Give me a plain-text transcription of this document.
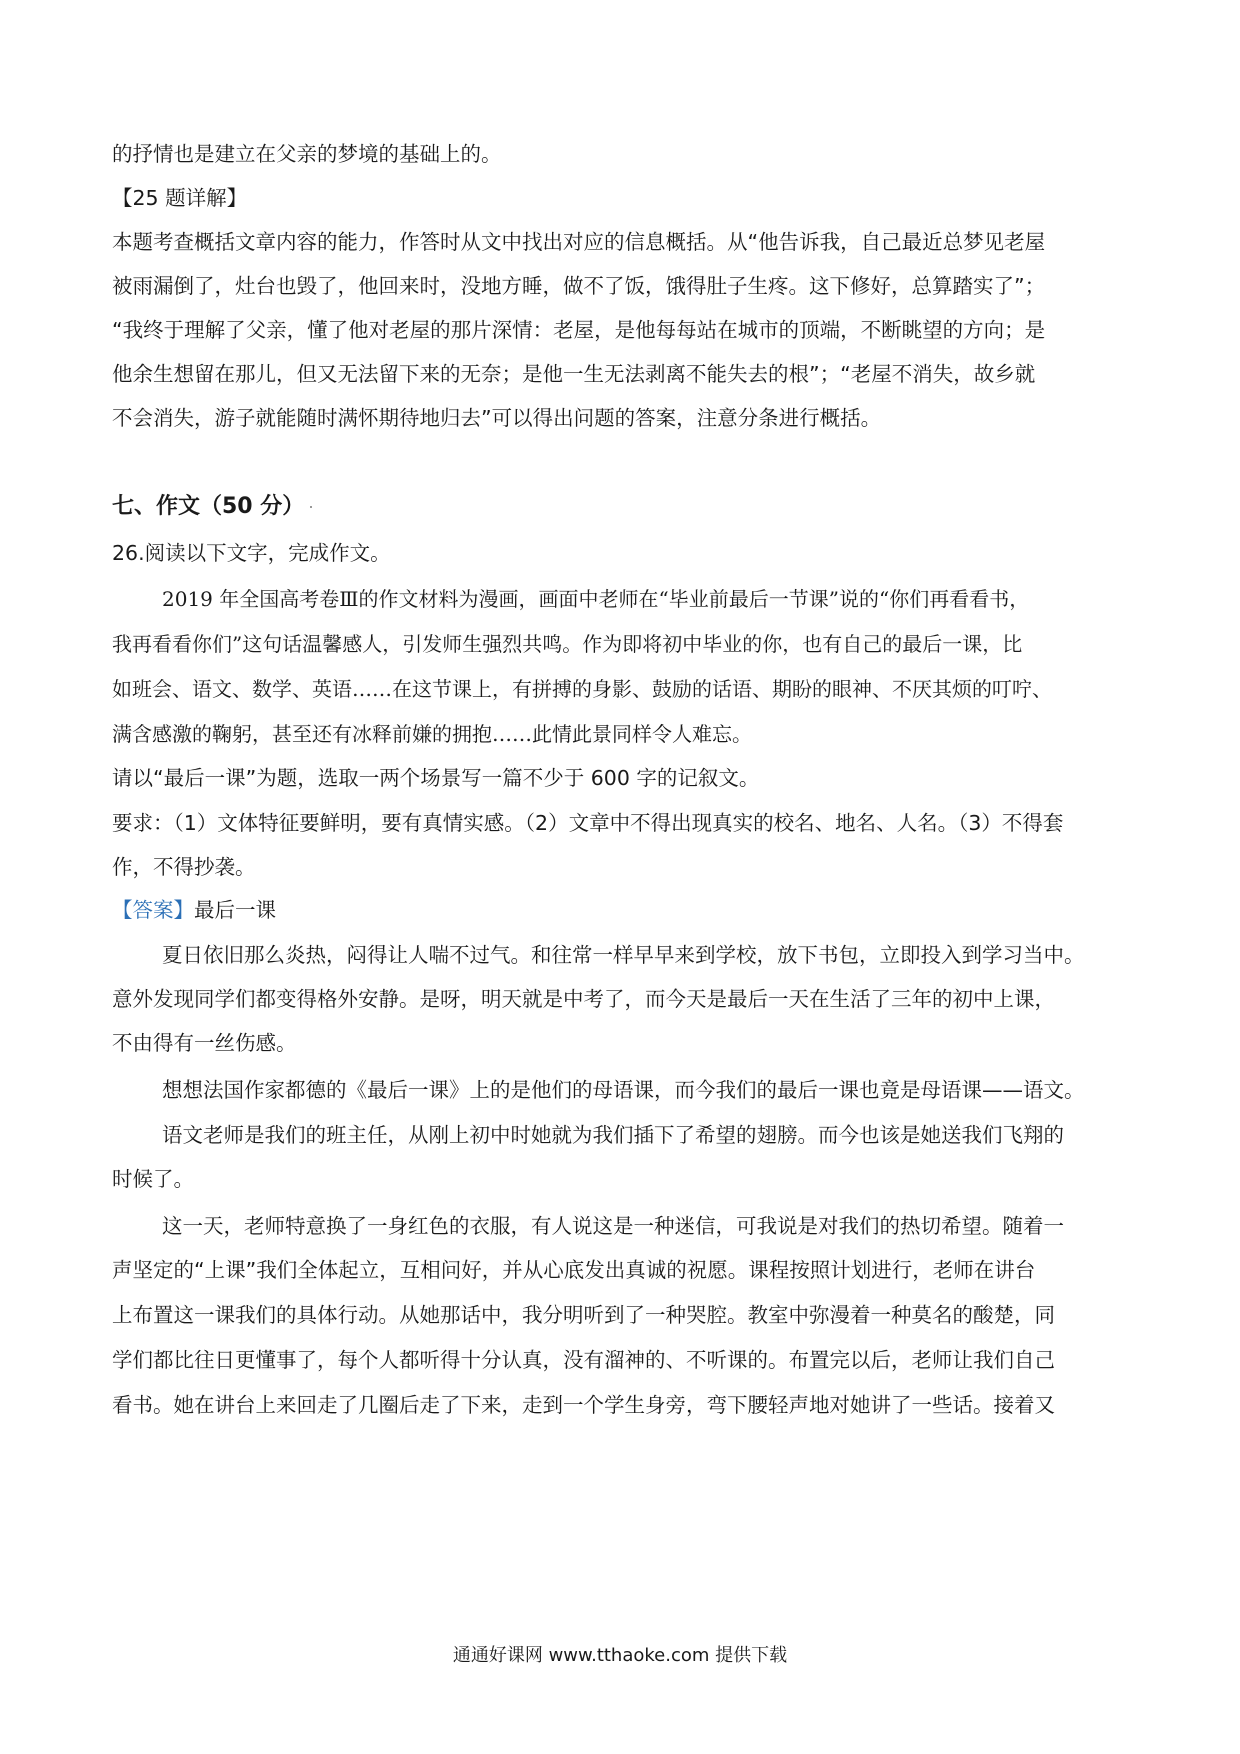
的抒情也是建立在父亲的梦境的基础上的。
【25 题详解】
本题考查概括文章内容的能力，作答时从文中找出对应的信息概括。从“他告诉我，自己最近总梦见老屋
被雨漏倒了，灶台也毁了，他回来时，没地方睡，做不了饭，饿得肚子生疼。这下修好，总算踏实了”；
“我终于理解了父亲，懂了他对老屋的那片深情：老屋，是他每每站在城市的顶端，不断眺望的方向；是
他余生想留在那儿，但又无法留下来的无奈；是他一生无法剥离不能失去的根”；“老屋不消失，故乡就
不会消失，游子就能随时满怀期待地归去”可以得出问题的答案，注意分条进行概括。
七、作文（50 分）
26.阅读以下文字，完成作文。
2019 年全国高考卷Ⅲ的作文材料为漫画，画面中老师在“毕业前最后一节课”说的“你们再看看书，
我再看看你们”这句话温馨感人，引发师生强烈共鸣。作为即将初中毕业的你，也有自己的最后一课，比
如班会、语文、数学、英语……在这节课上，有拼搏的身影、鼓励的话语、期盼的眼神、不厌其烦的叮咛、
满含感激的鞠躬，甚至还有冰释前嫌的拥抱……此情此景同样令人难忘。
请以“最后一课”为题，选取一两个场景写一篇不少于 600 字的记叙文。
要求：（1）文体特征要鲜明，要有真情实感。（2）文章中不得出现真实的校名、地名、人名。（3）不得套
作，不得抄袭。
【答案】最后一课
夏日依旧那么炎热，闷得让人喘不过气。和往常一样早早来到学校，放下书包，立即投入到学习当中。
意外发现同学们都变得格外安静。是呀，明天就是中考了，而今天是最后一天在生活了三年的初中上课，
不由得有一丝伤感。
想想法国作家都德的《最后一课》上的是他们的母语课，而今我们的最后一课也竟是母语课——语文。
语文老师是我们的班主任，从刚上初中时她就为我们插下了希望的翅膀。而今也该是她送我们飞翔的
时候了。
这一天，老师特意换了一身红色的衣服，有人说这是一种迷信，可我说是对我们的热切希望。随着一
声坚定的“上课”我们全体起立，互相问好，并从心底发出真诚的祝愿。课程按照计划进行，老师在讲台
上布置这一课我们的具体行动。从她那话中，我分明听到了一种哭腔。教室中弥漫着一种莫名的酸楚，同
学们都比往日更懂事了，每个人都听得十分认真，没有溜神的、不听课的。布置完以后，老师让我们自己
看书。她在讲台上来回走了几圈后走了下来，走到一个学生身旁，弯下腰轻声地对她讲了一些话。接着又
通通好课网 www.tthaoke.com 提供下载
